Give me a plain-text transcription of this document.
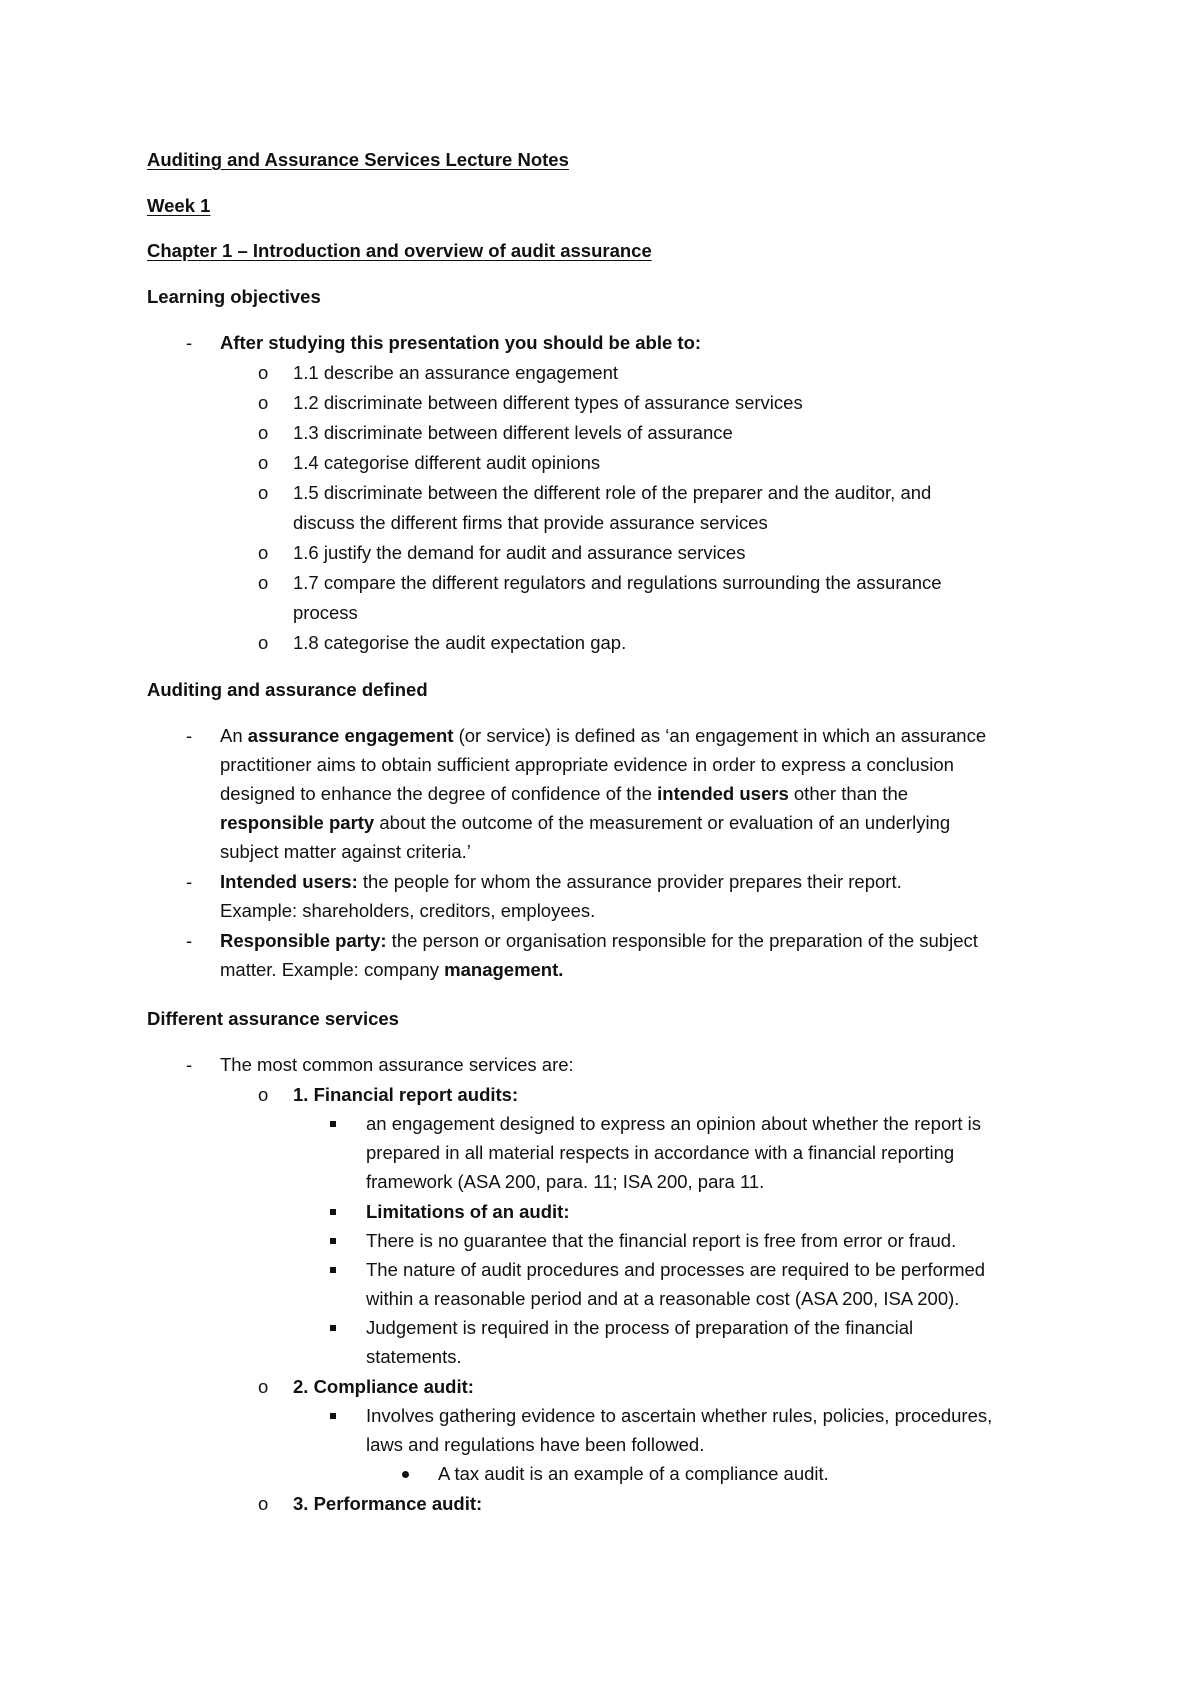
Auditing and Assurance Services Lecture Notes
Week 1
Chapter 1 – Introduction and overview of audit assurance
Learning objectives
- After studying this presentation you should be able to:
o 1.1 describe an assurance engagement
o 1.2 discriminate between different types of assurance services
o 1.3 discriminate between different levels of assurance
o 1.4 categorise different audit opinions
o 1.5 discriminate between the different role of the preparer and the auditor, and
discuss the different firms that provide assurance services
o 1.6 justify the demand for audit and assurance services
o 1.7 compare the different regulators and regulations surrounding the assurance
process
o 1.8 categorise the audit expectation gap.
Auditing and assurance defined
- An assurance engagement (or service) is defined as ‘an engagement in which an assurance
practitioner aims to obtain sufficient appropriate evidence in order to express a conclusion
designed to enhance the degree of confidence of the intended users other than the
responsible party about the outcome of the measurement or evaluation of an underlying
subject matter against criteria.’
- Intended users: the people for whom the assurance provider prepares their report.
Example: shareholders, creditors, employees.
- Responsible party: the person or organisation responsible for the preparation of the subject
matter. Example: company management.
Different assurance services
- The most common assurance services are:
o 1. Financial report audits:
an engagement designed to express an opinion about whether the report is
prepared in all material respects in accordance with a financial reporting
framework (ASA 200, para. 11; ISA 200, para 11.
Limitations of an audit:
There is no guarantee that the financial report is free from error or fraud.
The nature of audit procedures and processes are required to be performed
within a reasonable period and at a reasonable cost (ASA 200, ISA 200).
Judgement is required in the process of preparation of the financial
statements.
o 2. Compliance audit:
Involves gathering evidence to ascertain whether rules, policies, procedures,
laws and regulations have been followed.
A tax audit is an example of a compliance audit.
o 3. Performance audit:
